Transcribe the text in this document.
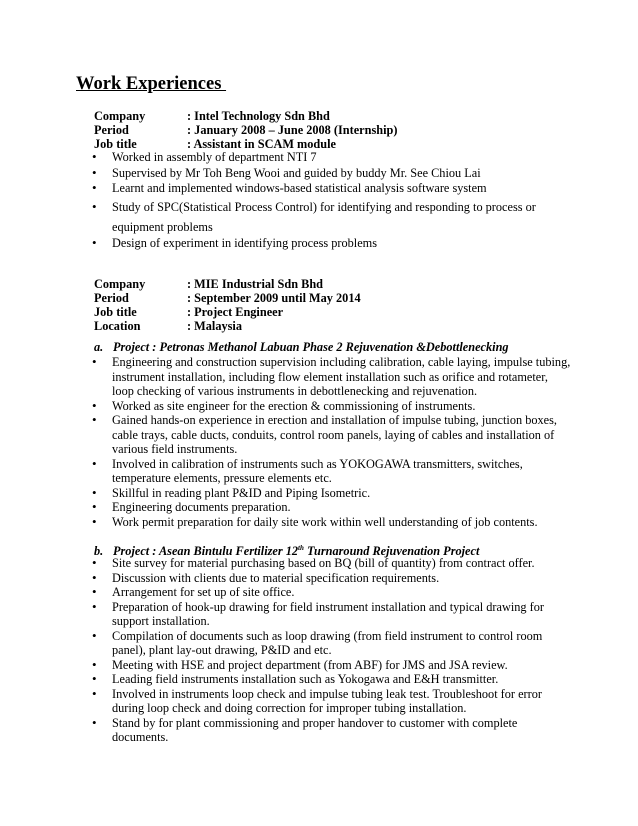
Work Experiences
Company	: Intel Technology Sdn Bhd
Period	: January 2008 – June 2008 (Internship)
Job title	: Assistant in SCAM module
• Worked in assembly of department NTI 7
• Supervised by Mr Toh Beng Wooi and guided by buddy Mr. See Chiou Lai
• Learnt and implemented windows-based statistical analysis software system
• Study of SPC(Statistical Process Control) for identifying and responding to process or equipment problems
• Design of experiment in identifying process problems
Company	: MIE Industrial Sdn Bhd
Period	: September 2009 until May 2014
Job title	: Project Engineer
Location	: Malaysia
a. Project : Petronas Methanol Labuan Phase 2 Rejuvenation &Debottlenecking
• Engineering and construction supervision including calibration, cable laying, impulse tubing, instrument installation, including flow element installation such as orifice and rotameter, loop checking of various instruments in debottlenecking and rejuvenation.
• Worked as site engineer for the erection & commissioning of instruments.
• Gained hands-on experience in erection and installation of impulse tubing, junction boxes, cable trays, cable ducts, conduits, control room panels, laying of cables and installation of various field instruments.
• Involved in calibration of instruments such as YOKOGAWA transmitters, switches, temperature elements, pressure elements etc.
• Skillful in reading plant P&ID and Piping Isometric.
• Engineering documents preparation.
• Work permit preparation for daily site work within well understanding of job contents.
b. Project : Asean Bintulu Fertilizer 12th Turnaround Rejuvenation Project
• Site survey for material purchasing based on BQ (bill of quantity) from contract offer.
• Discussion with clients due to material specification requirements.
• Arrangement for set up of site office.
• Preparation of hook-up drawing for field instrument installation and typical drawing for support installation.
• Compilation of documents such as loop drawing (from field instrument to control room panel), plant lay-out drawing, P&ID and etc.
• Meeting with HSE and project department (from ABF) for JMS and JSA review.
• Leading field instruments installation such as Yokogawa and E&H transmitter.
• Involved in instruments loop check and impulse tubing leak test. Troubleshoot for error during loop check and doing correction for improper tubing installation.
• Stand by for plant commissioning and proper handover to customer with complete documents.
